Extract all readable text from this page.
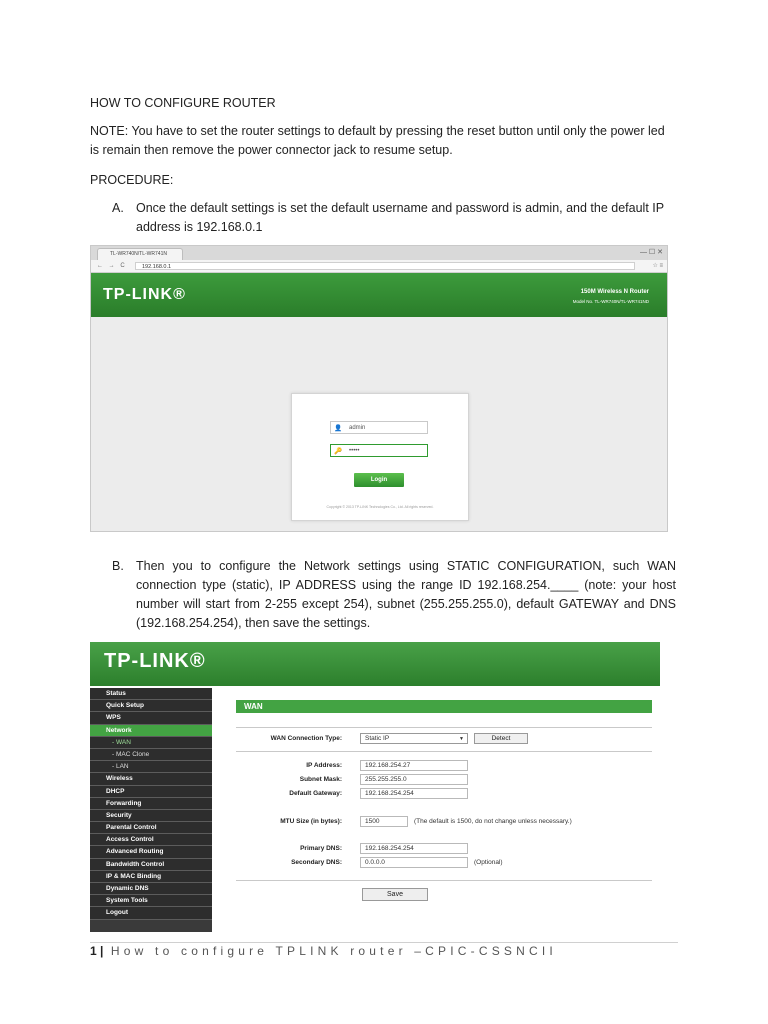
HOW TO CONFIGURE ROUTER
NOTE: You have to set the router settings to default by pressing the reset button until only the power led is remain then remove the power connector jack to resume setup.
PROCEDURE:
A. Once the default settings is set the default username and password is admin, and the default IP address is 192.168.0.1
TL-WR740N/TL-WR741N	— ☐ ✕
← → C	192.168.0.1	☆ ≡
TP-LINK®	150M Wireless N Router
Model No. TL-WR740N/TL-WR741ND
👤 admin
🔑 •••••
Login
Copyright © 2013 TP-LINK Technologies Co., Ltd. All rights reserved.
B. Then you to configure the Network settings using STATIC CONFIGURATION, such WAN connection type (static), IP ADDRESS using the range ID 192.168.254.____ (note: your host number will start from 2-255 except 254), subnet (255.255.255.0), default GATEWAY and DNS (192.168.254.254), then save the settings.
TP-LINK®
Status
Quick Setup
WPS
Network
- WAN
- MAC Clone
- LAN
Wireless
DHCP
Forwarding
Security
Parental Control
Access Control
Advanced Routing
Bandwidth Control
IP & MAC Binding
Dynamic DNS
System Tools
Logout
WAN
WAN Connection Type:	Static IP	▼	Detect
IP Address:	192.168.254.27
Subnet Mask:	255.255.255.0
Default Gateway:	192.168.254.254
MTU Size (in bytes):	1500	(The default is 1500, do not change unless necessary.)
Primary DNS:	192.168.254.254
Secondary DNS:	0.0.0.0	(Optional)
Save
1 | How to configure TPLINK router –CPIC-CSSNCII
